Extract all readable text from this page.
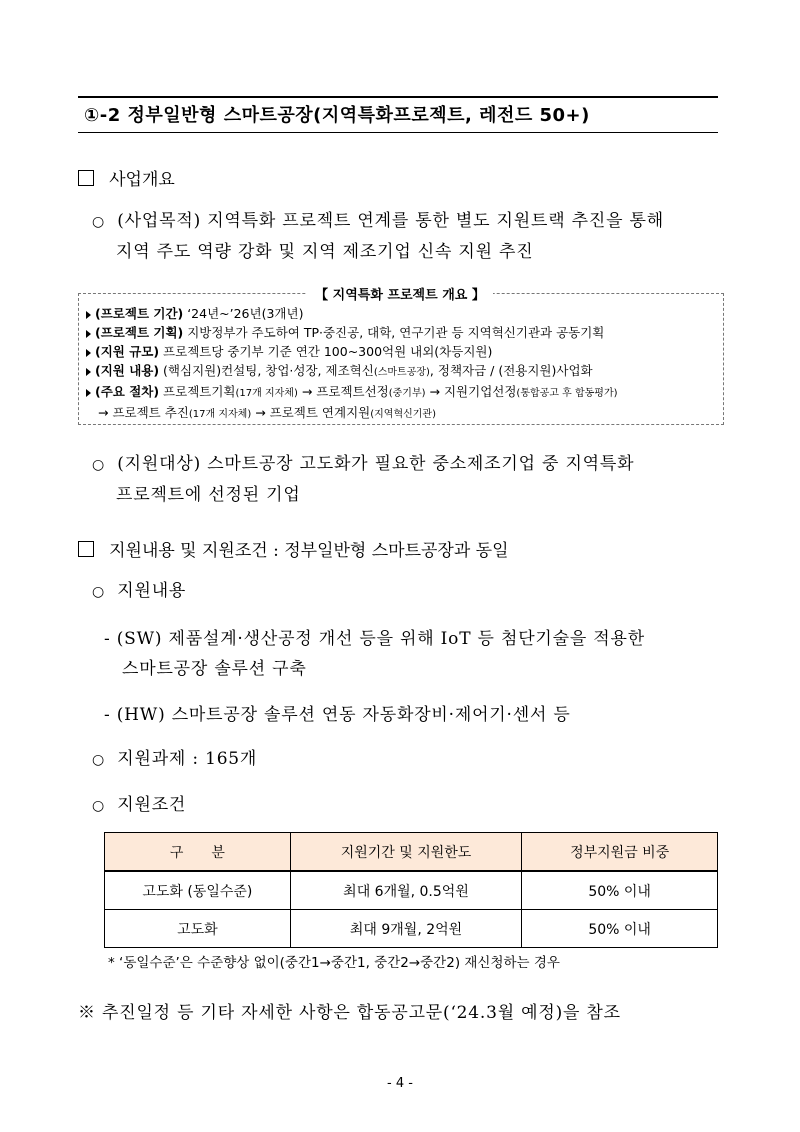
①-2 정부일반형 스마트공장(지역특화프로젝트, 레전드 50+)
사업개요
○ (사업목적) 지역특화 프로젝트 연계를 통한 별도 지원트랙 추진을 통해
지역 주도 역량 강화 및 지역 제조기업 신속 지원 추진
【 지역특화 프로젝트 개요 】
(프로젝트 기간) ‘24년~’26년(3개년)
(프로젝트 기획) 지방정부가 주도하여 TP·중진공, 대학, 연구기관 등 지역혁신기관과 공동기획
(지원 규모) 프로젝트당 중기부 기준 연간 100~300억원 내외(차등지원)
(지원 내용) (핵심지원)컨설팅, 창업·성장, 제조혁신(스마트공장), 정책자금 / (전용지원)사업화
(주요 절차) 프로젝트기획(17개 지자체) → 프로젝트선정(중기부) → 지원기업선정(통합공고 후 합동평가)
→ 프로젝트 추진(17개 지자체) → 프로젝트 연계지원(지역혁신기관)
○ (지원대상) 스마트공장 고도화가 필요한 중소제조기업 중 지역특화
프로젝트에 선정된 기업
지원내용 및 지원조건 : 정부일반형 스마트공장과 동일
○ 지원내용
- (SW) 제품설계·생산공정 개선 등을 위해 IoT 등 첨단기술을 적용한
스마트공장 솔루션 구축
- (HW) 스마트공장 솔루션 연동 자동화장비·제어기·센서 등
○ 지원과제 : 165개
○ 지원조건
구　　분	지원기간 및 지원한도	정부지원금 비중
고도화 (동일수준)	최대 6개월, 0.5억원	50% 이내
고도화	최대 9개월, 2억원	50% 이내
* ‘동일수준’은 수준향상 없이(중간1→중간1, 중간2→중간2) 재신청하는 경우
※ 추진일정 등 기타 자세한 사항은 합동공고문(‘24.3월 예정)을 참조
- 4 -
